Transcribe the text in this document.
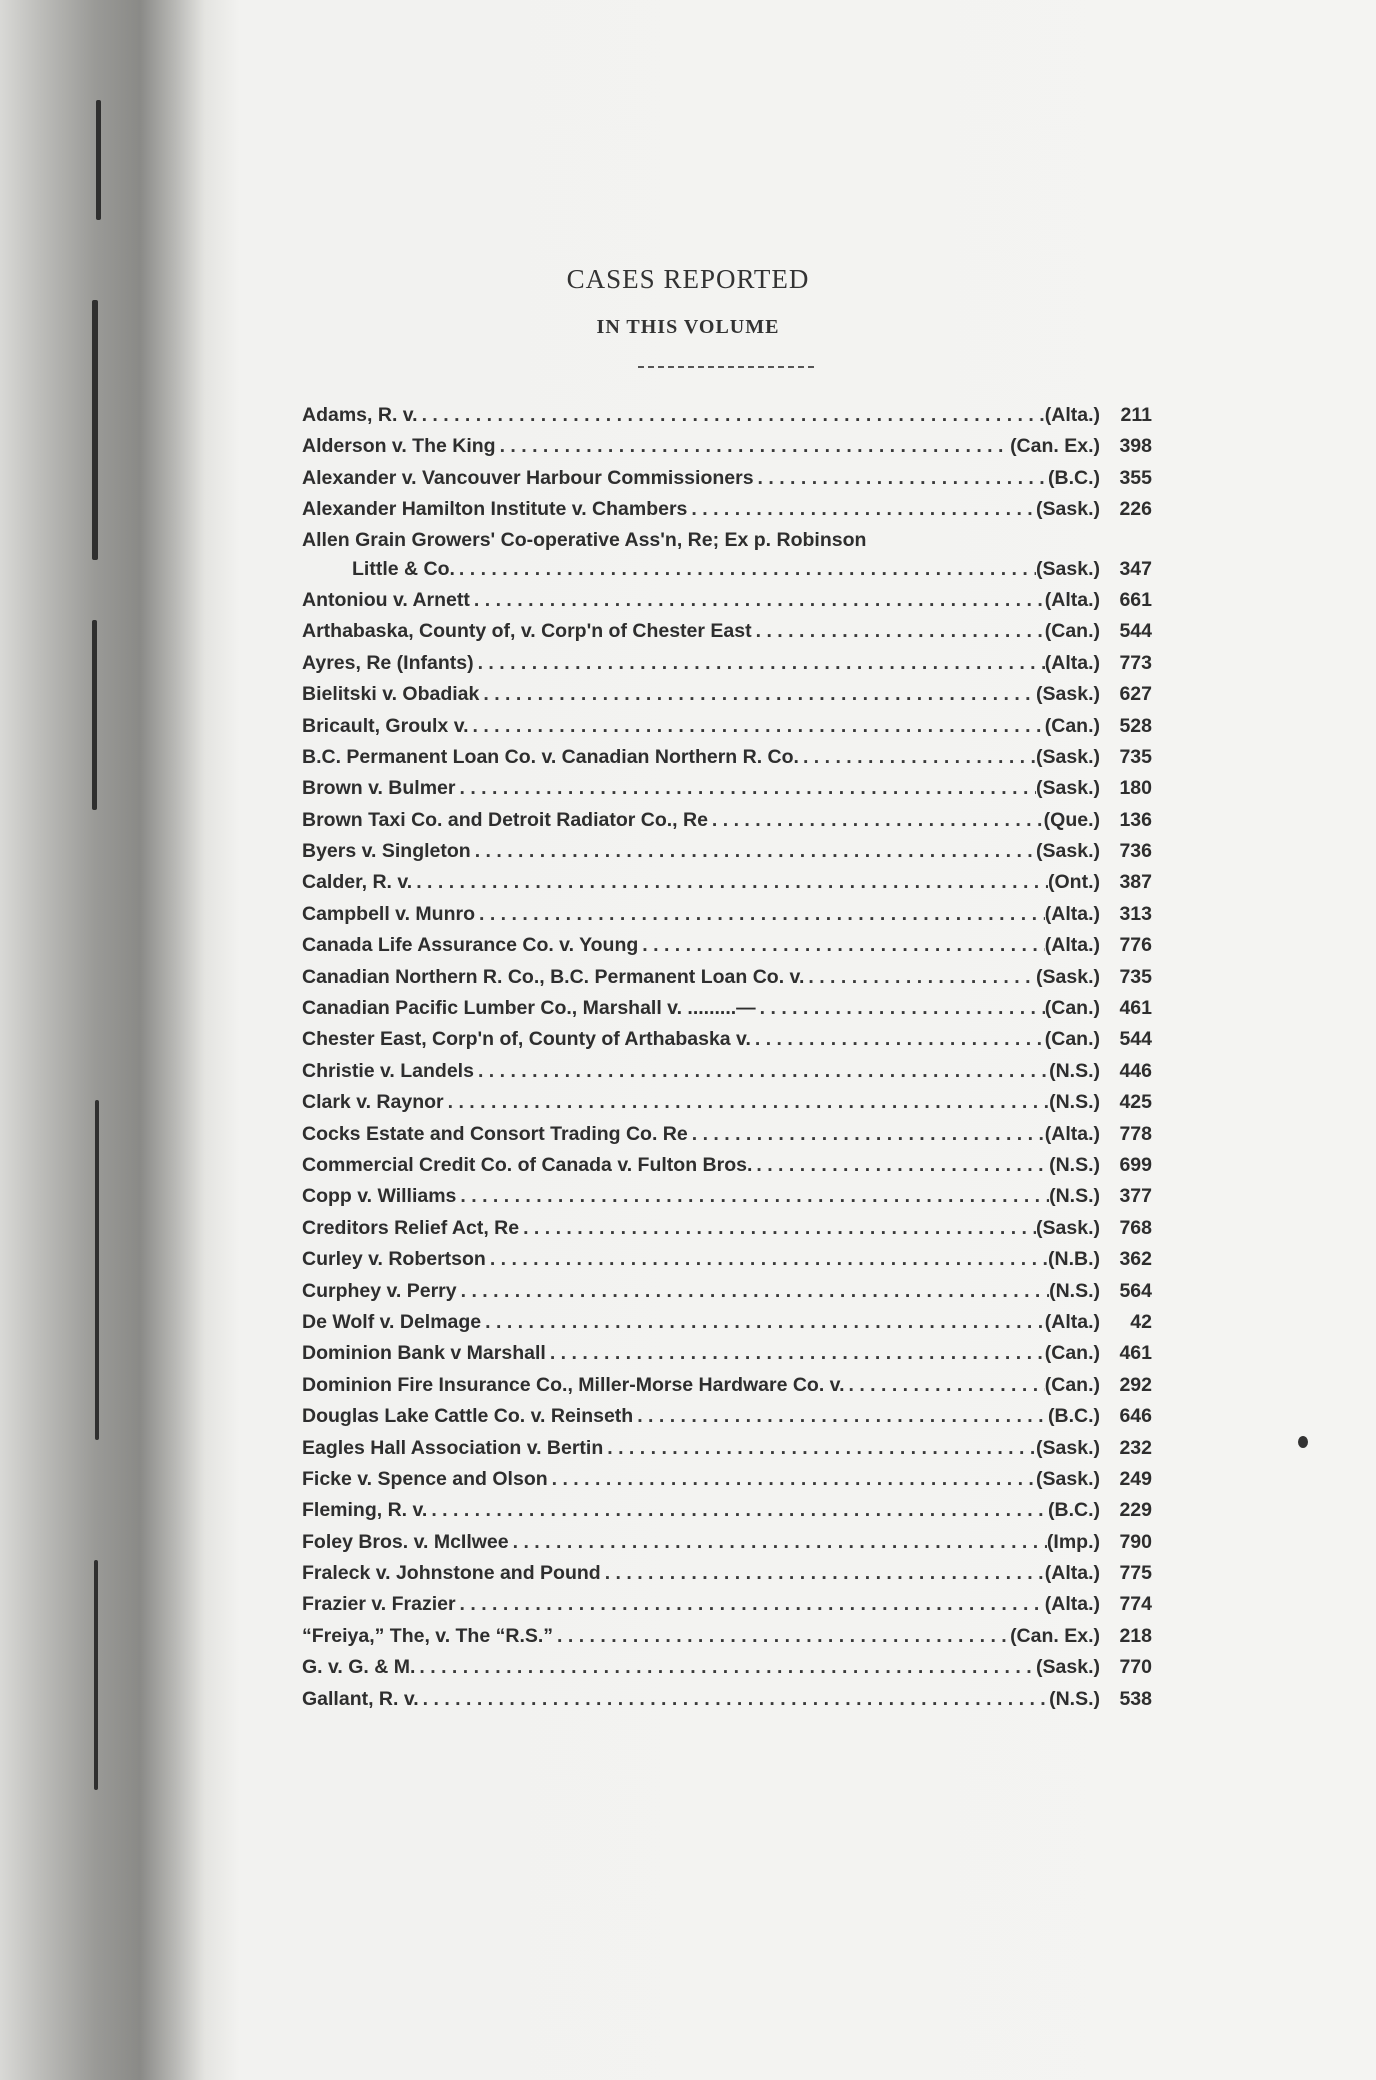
CASES REPORTED
IN THIS VOLUME
Adams, R. v. . . .	(Alta.)	211
Alderson v. The King . . .	(Can. Ex.) 398
Alexander v. Vancouver Harbour Commissioners . . .	(B.C.) 355
Alexander Hamilton Institute v. Chambers . . .	(Sask.) 226
Allen Grain Growers' Co-operative Ass'n, Re; Ex p. Robinson
Little & Co. . . .	(Sask.) 347
Antoniou v. Arnett . . .	(Alta.) 661
Arthabaska, County of, v. Corp'n of Chester East . . .	(Can.) 544
Ayres, Re (Infants) . . .	(Alta.) 773
Bielitski v. Obadiak . . .	(Sask.) 627
Bricault, Groulx v. . . .	(Can.) 528
B.C. Permanent Loan Co. v. Canadian Northern R. Co. . . .	(Sask.) 735
Brown v. Bulmer . . .	(Sask.) 180
Brown Taxi Co. and Detroit Radiator Co., Re . . .	(Que.) 136
Byers v. Singleton . . .	(Sask.) 736
Calder, R. v. . . .	(Ont.) 387
Campbell v. Munro . . .	(Alta.) 313
Canada Life Assurance Co. v. Young . . .	(Alta.) 776
Canadian Northern R. Co., B.C. Permanent Loan Co. v. . . .	(Sask.) 735
Canadian Pacific Lumber Co., Marshall v. .........— . . .	(Can.) 461
Chester East, Corp'n of, County of Arthabaska v. . . .	(Can.) 544
Christie v. Landels . . .	(N.S.) 446
Clark v. Raynor . . .	(N.S.) 425
Cocks Estate and Consort Trading Co. Re . . .	(Alta.) 778
Commercial Credit Co. of Canada v. Fulton Bros. . . .	(N.S.) 699
Copp v. Williams . . .	(N.S.) 377
Creditors Relief Act, Re . . .	(Sask.) 768
Curley v. Robertson . . .	(N.B.) 362
Curphey v. Perry . . .	(N.S.) 564
De Wolf v. Delmage . . .	(Alta.)	42
Dominion Bank v Marshall . . .	(Can.) 461
Dominion Fire Insurance Co., Miller-Morse Hardware Co. v. . . .	(Can.) 292
Douglas Lake Cattle Co. v. Reinseth . . .	(B.C.) 646
Eagles Hall Association v. Bertin . . .	(Sask.) 232
Ficke v. Spence and Olson . . .	(Sask.) 249
Fleming, R. v. . . .	(B.C.) 229
Foley Bros. v. McIlwee . . .	(Imp.) 790
Fraleck v. Johnstone and Pound . . .	(Alta.) 775
Frazier v. Frazier . . .	(Alta.) 774
“Freiya,” The, v. The “R.S.” . . .	(Can. Ex.) 218
G. v. G. & M. . . .	(Sask.) 770
Gallant, R. v. . . .	(N.S.) 538
